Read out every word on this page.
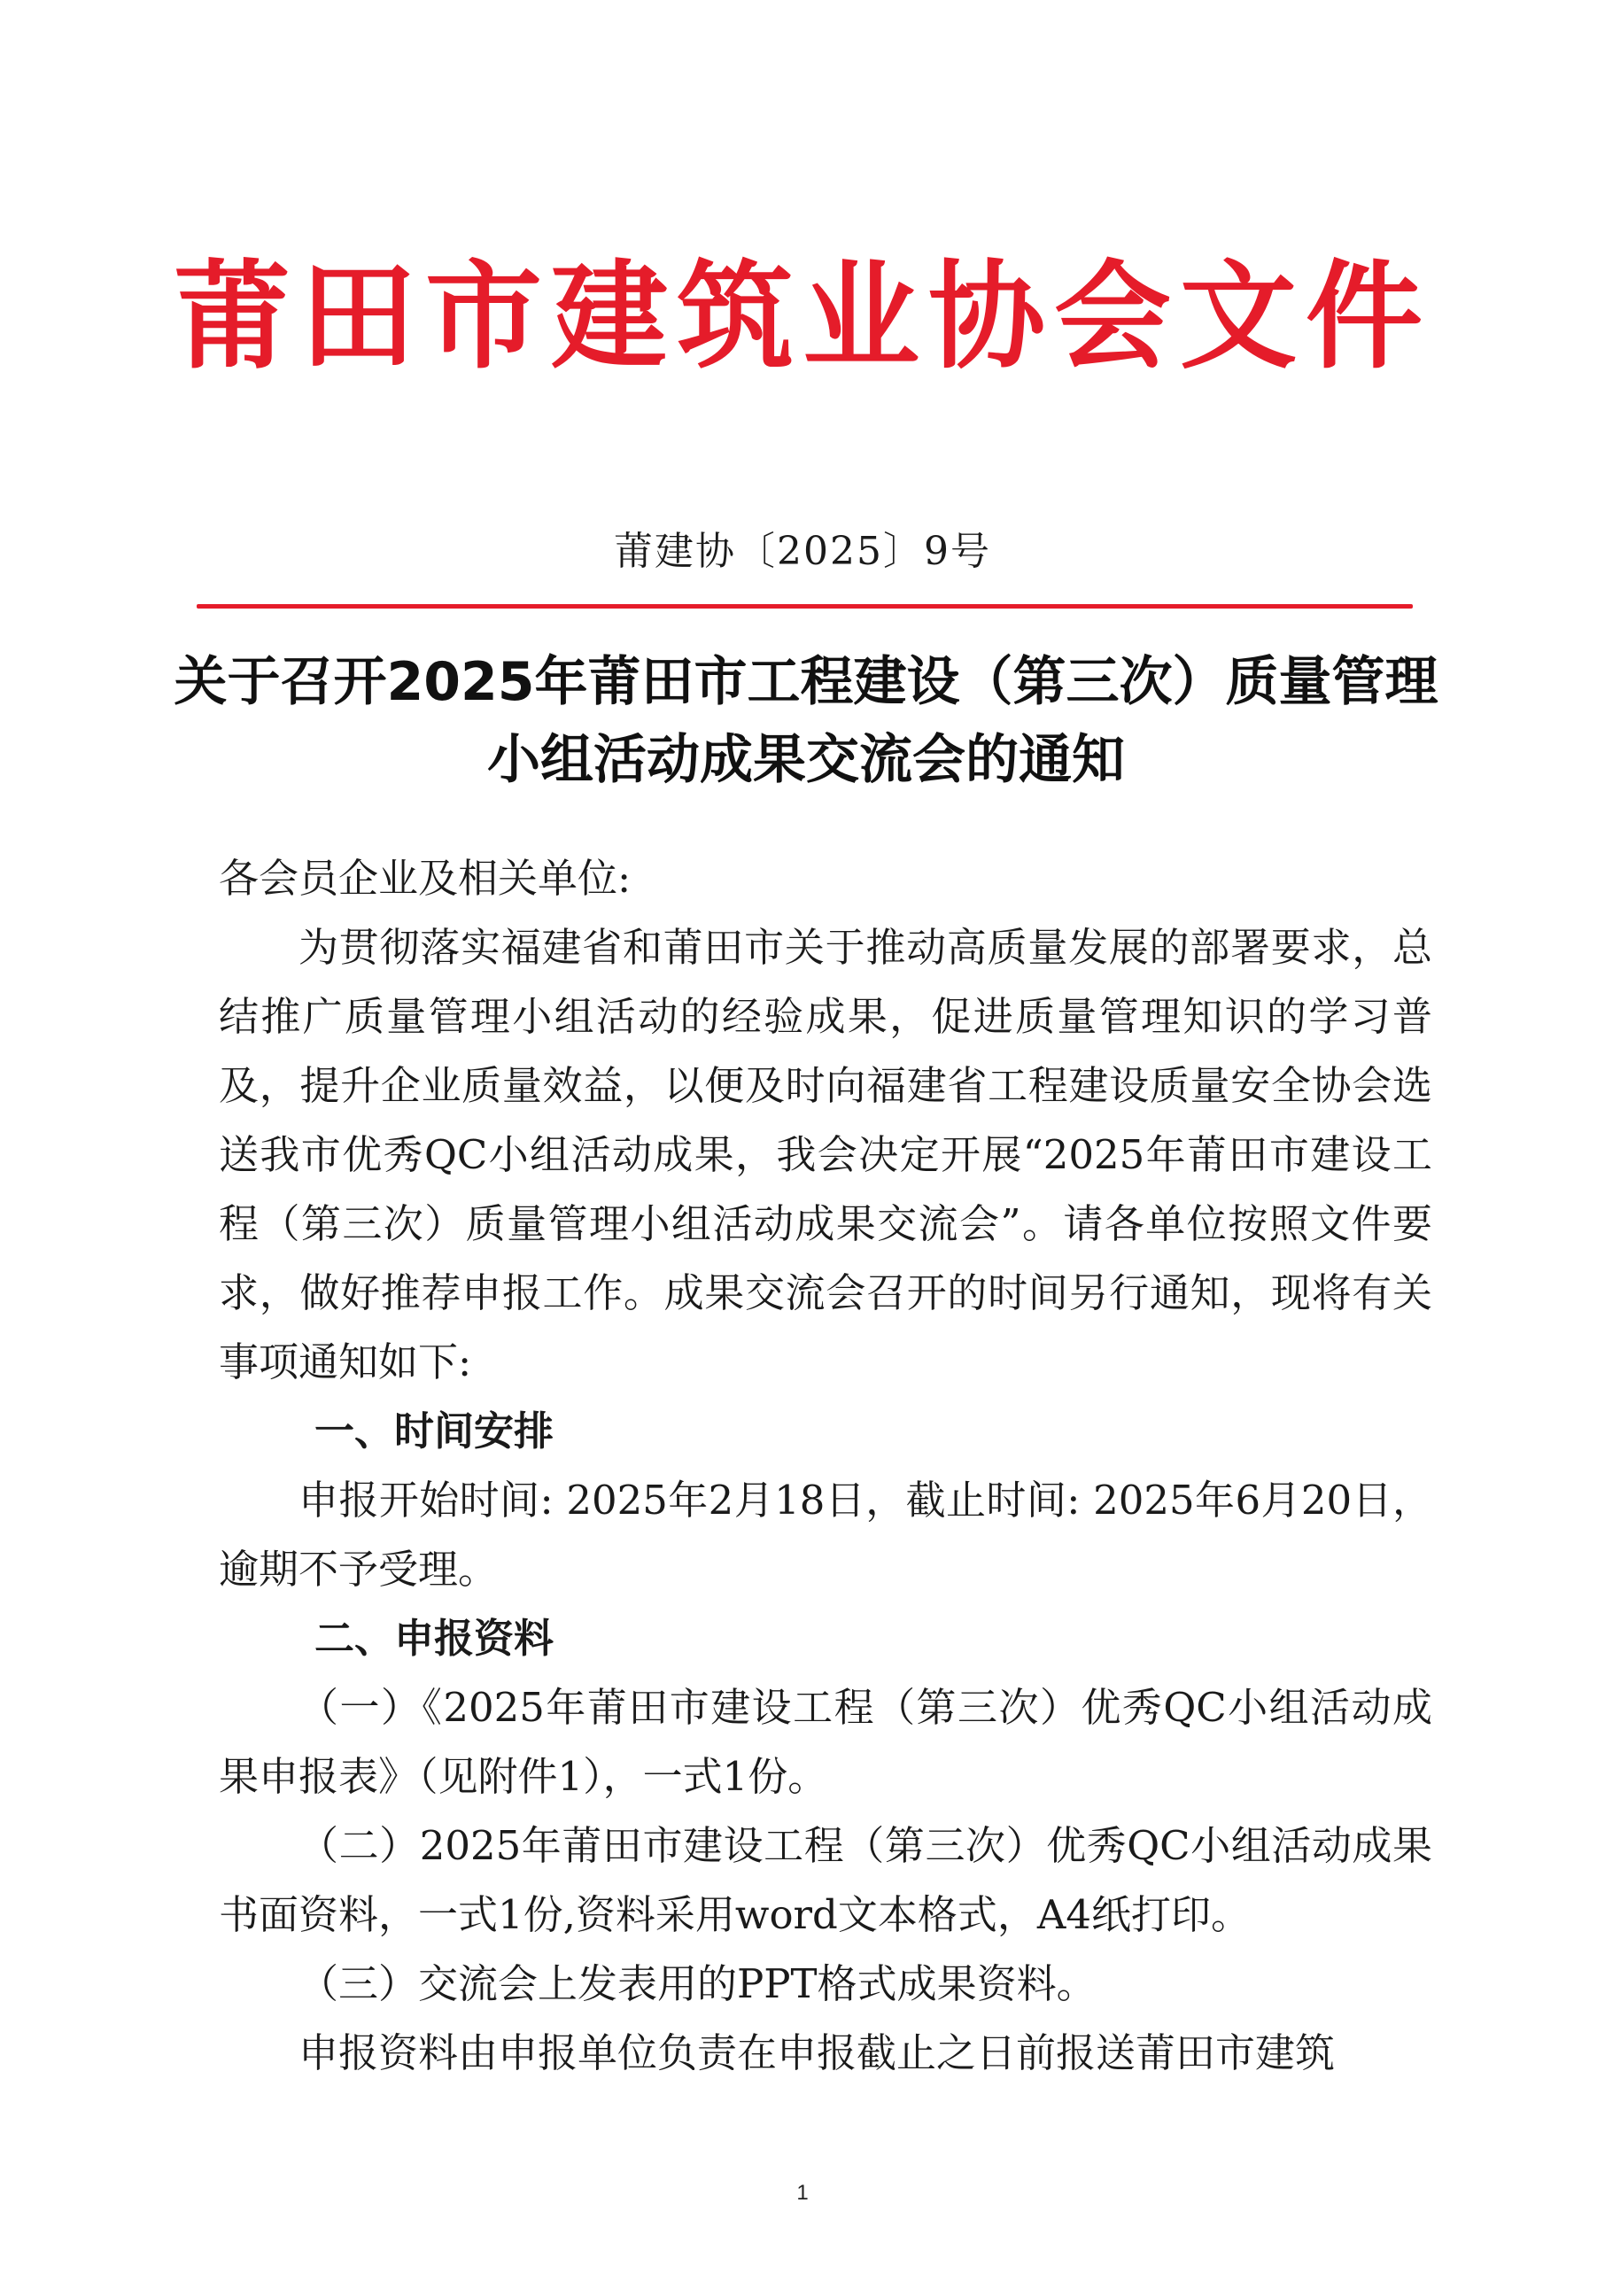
莆田市建筑业协会文件
莆建协〔2025〕9号
关于召开2025年莆田市工程建设（第三次）质量管理小组活动成果交流会的通知

各会员企业及相关单位:

为贯彻落实福建省和莆田市关于推动高质量发展的部署要求，总结推广质量管理小组活动的经验成果，促进质量管理知识的学习普及，提升企业质量效益，以便及时向福建省工程建设质量安全协会选送我市优秀QC小组活动成果，我会决定开展“2025年莆田市建设工程（第三次）质量管理小组活动成果交流会”。请各单位按照文件要求，做好推荐申报工作。成果交流会召开的时间另行通知，现将有关事项通知如下:

一、时间安排

申报开始时间: 2025年2月18日，截止时间: 2025年6月20日，逾期不予受理。

二、申报资料

（一）《2025年莆田市建设工程（第三次）优秀QC小组活动成果申报表》（见附件1），一式1份。

（二）2025年莆田市建设工程（第三次）优秀QC小组活动成果书面资料，一式1份,资料采用word文本格式，A4纸打印。

（三）交流会上发表用的PPT格式成果资料。

申报资料由申报单位负责在申报截止之日前报送莆田市建筑

1
